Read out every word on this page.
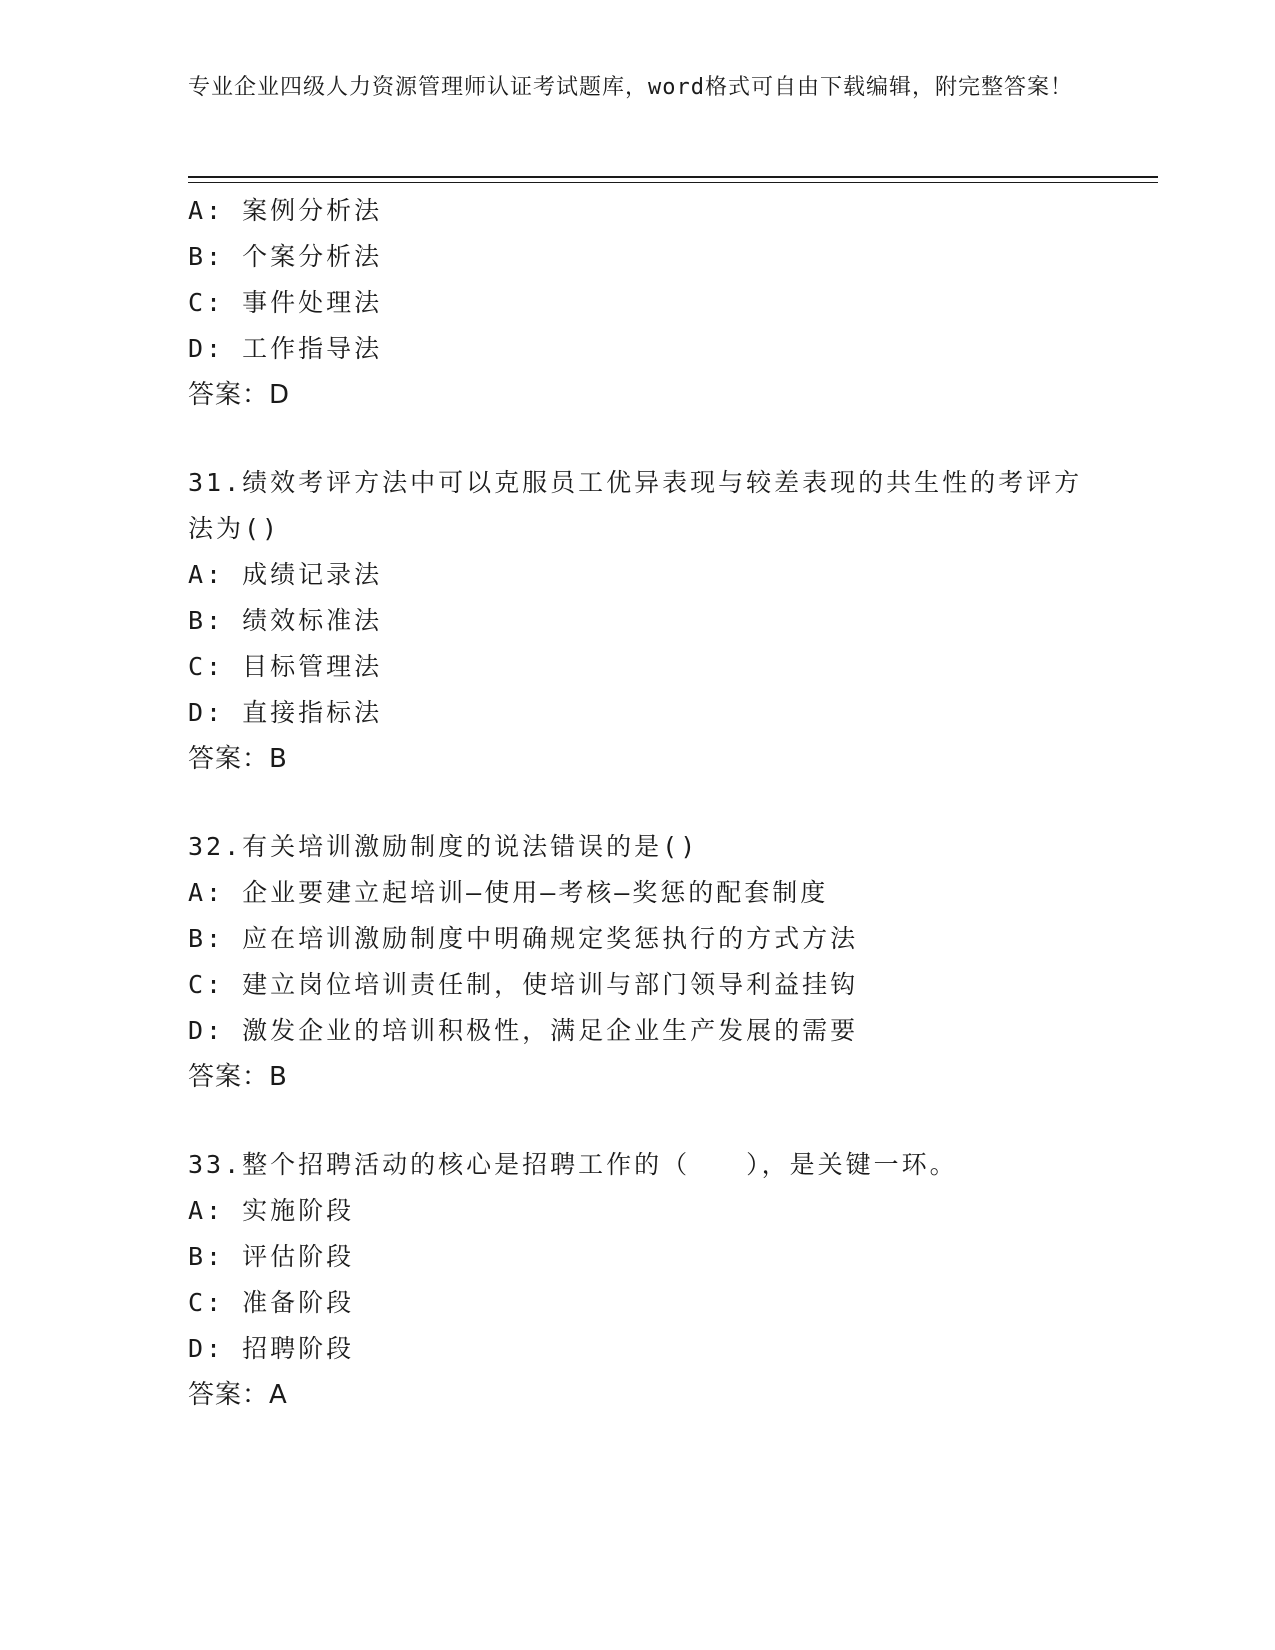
专业企业四级人力资源管理师认证考试题库，word格式可自由下载编辑，附完整答案！
A: 案例分析法
B: 个案分析法
C: 事件处理法
D: 工作指导法
答案：D
31.绩效考评方法中可以克服员工优异表现与较差表现的共生性的考评方法为()
A: 成绩记录法
B: 绩效标准法
C: 目标管理法
D: 直接指标法
答案：B
32.有关培训激励制度的说法错误的是()
A: 企业要建立起培训—使用—考核—奖惩的配套制度
B: 应在培训激励制度中明确规定奖惩执行的方式方法
C: 建立岗位培训责任制，使培训与部门领导利益挂钩
D: 激发企业的培训积极性，满足企业生产发展的需要
答案：B
33.整个招聘活动的核心是招聘工作的（　　），是关键一环。
A: 实施阶段
B: 评估阶段
C: 准备阶段
D: 招聘阶段
答案：A
